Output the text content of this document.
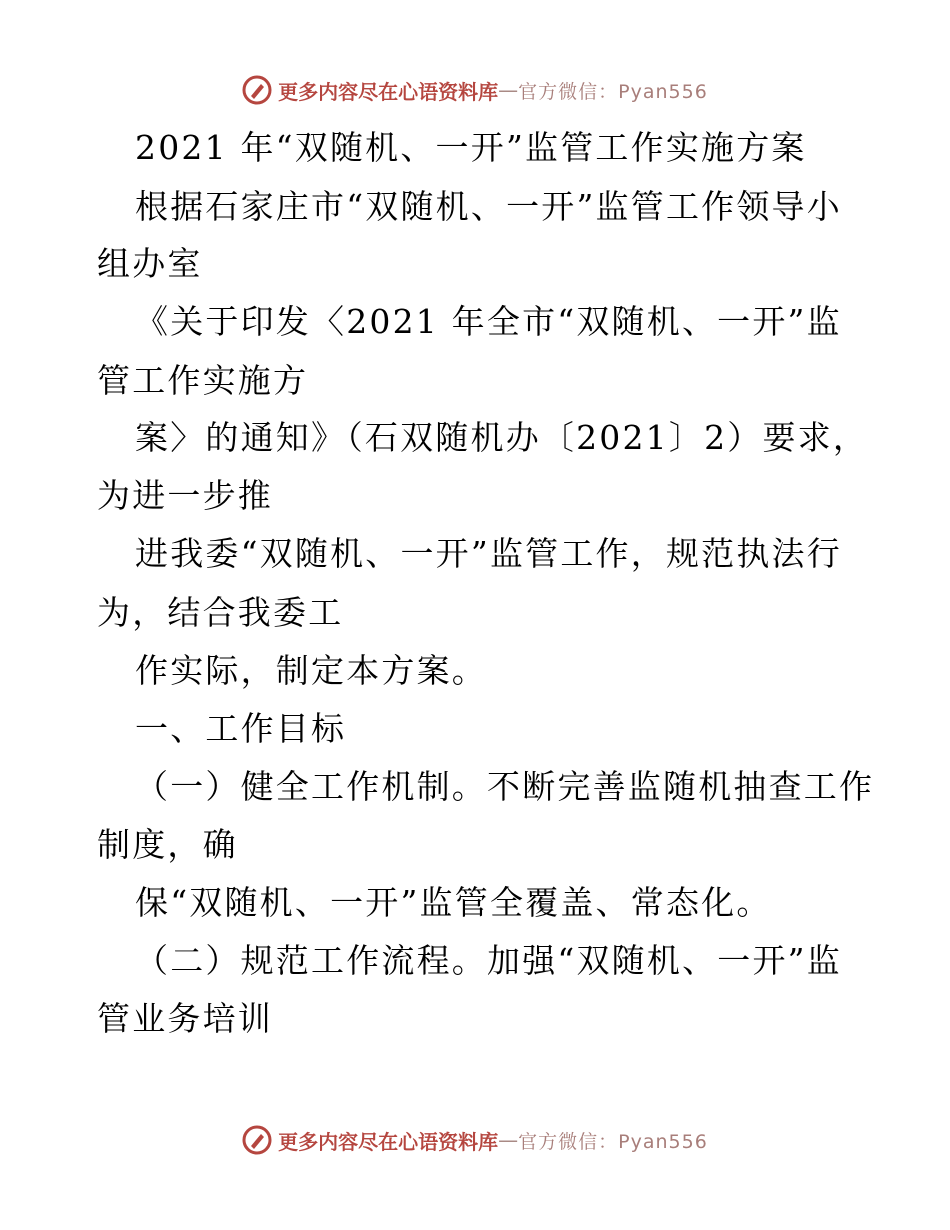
更多内容尽在心语资料库 — 官方微信：Pyan556
2021 年“双随机、一开”监管工作实施方案
根据石家庄市“双随机、一开”监管工作领导小
组办室
《关于印发〈2021 年全市“双随机、一开”监
管工作实施方
案〉的通知》（石双随机办〔2021〕2）要求，
为进一步推
进我委“双随机、一开”监管工作，规范执法行
为，结合我委工
作实际，制定本方案。
一、工作目标
（一）健全工作机制。不断完善监随机抽查工作
制度，确
保“双随机、一开”监管全覆盖、常态化。
（二）规范工作流程。加强“双随机、一开”监
管业务培训
更多内容尽在心语资料库 — 官方微信：Pyan556
